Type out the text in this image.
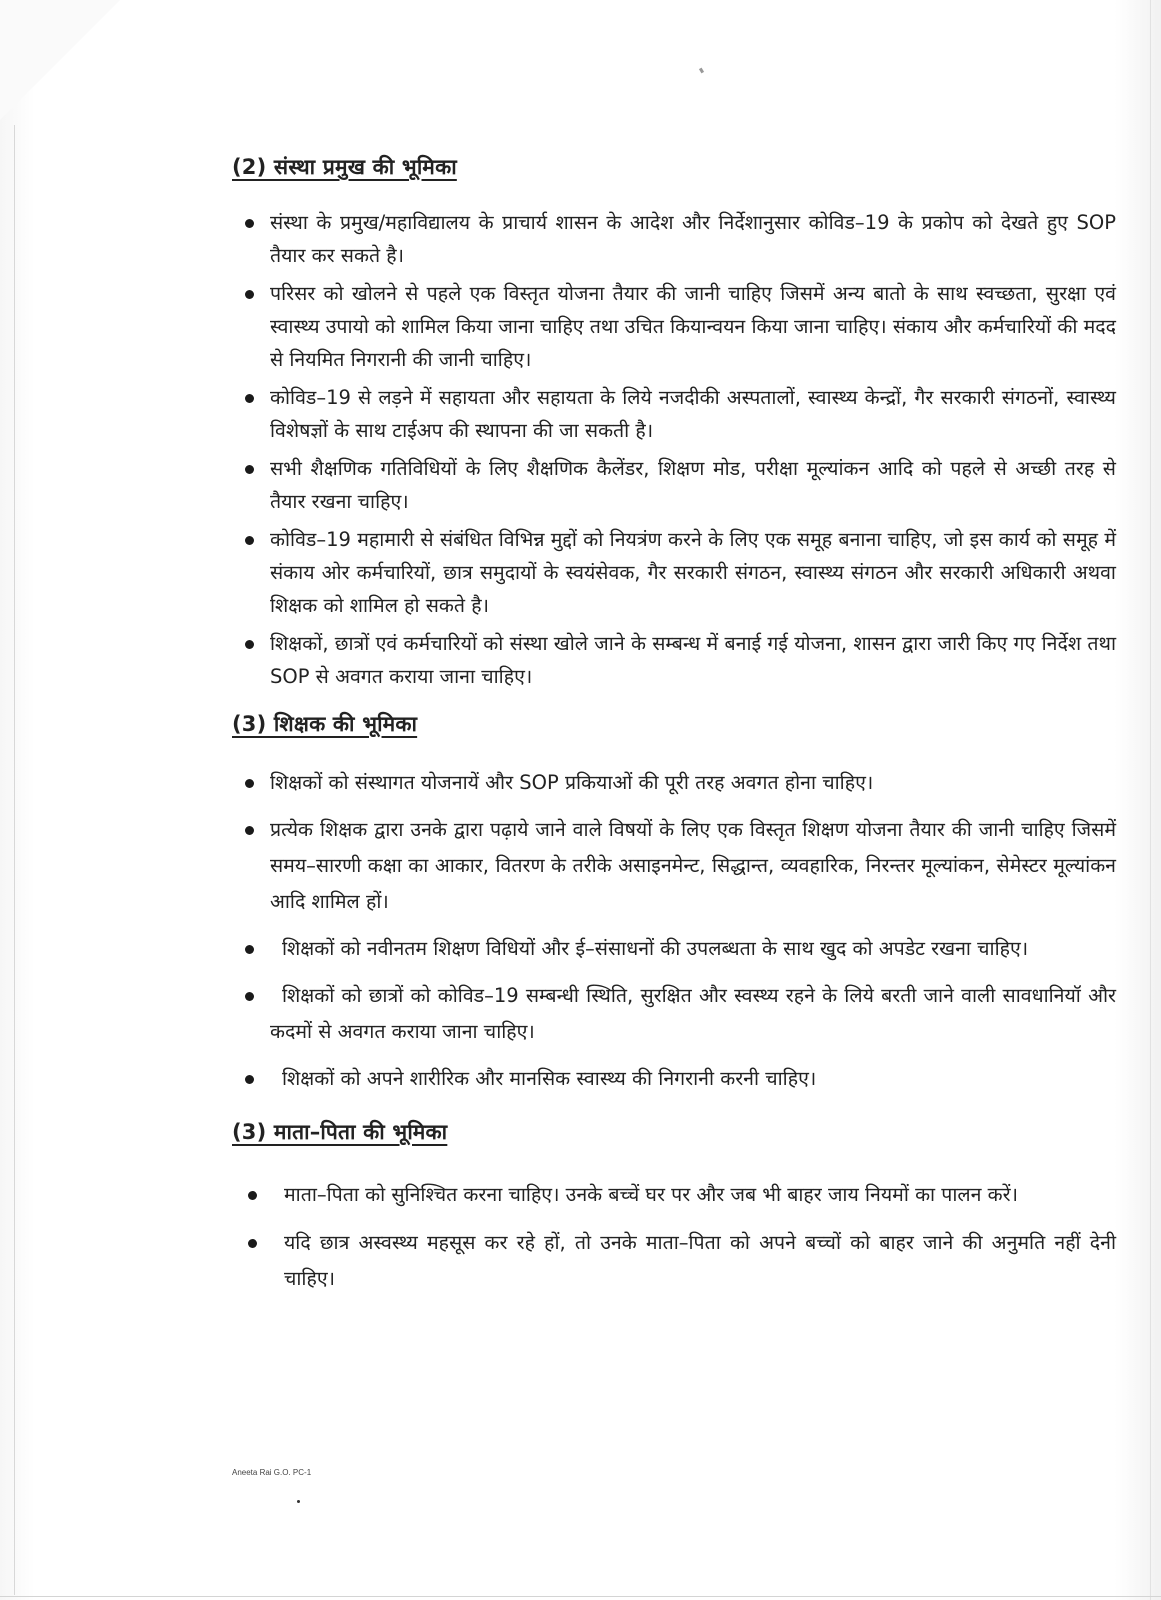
(2) संस्था प्रमुख की भूमिका
संस्था के प्रमुख/महाविद्यालय के प्राचार्य शासन के आदेश और निर्देशानुसार कोविड–19 के प्रकोप को देखते हुए SOP तैयार कर सकते है।
परिसर को खोलने से पहले एक विस्तृत योजना तैयार की जानी चाहिए जिसमें अन्य बातो के साथ स्वच्छता, सुरक्षा एवं स्वास्थ्य उपायो को शामिल किया जाना चाहिए तथा उचित कियान्वयन किया जाना चाहिए। संकाय और कर्मचारियों की मदद से नियमित निगरानी की जानी चाहिए।
कोविड–19 से लड़ने में सहायता और सहायता के लिये नजदीकी अस्पतालों, स्वास्थ्य केन्द्रों, गैर सरकारी संगठनों, स्वास्थ्य विशेषज्ञों के साथ टाईअप की स्थापना की जा सकती है।
सभी शैक्षणिक गतिविधियों के लिए शैक्षणिक कैलेंडर, शिक्षण मोड, परीक्षा मूल्यांकन आदि को पहले से अच्छी तरह से तैयार रखना चाहिए।
कोविड–19 महामारी से संबंधित विभिन्न मुद्दों को नियत्रंण करने के लिए एक समूह बनाना चाहिए, जो इस कार्य को समूह में संकाय ओर कर्मचारियों, छात्र समुदायों के स्वयंसेवक, गैर सरकारी संगठन, स्वास्थ्य संगठन और सरकारी अधिकारी अथवा शिक्षक को शामिल हो सकते है।
शिक्षकों, छात्रों एवं कर्मचारियों को संस्था खोले जाने के सम्बन्ध में बनाई गई योजना, शासन द्वारा जारी किए गए निर्देश तथा SOP से अवगत कराया जाना चाहिए।
(3) शिक्षक की भूमिका
शिक्षकों को संस्थागत योजनायें और SOP प्रकियाओं की पूरी तरह अवगत होना चाहिए।
प्रत्येक शिक्षक द्वारा उनके द्वारा पढ़ाये जाने वाले विषयों के लिए एक विस्तृत शिक्षण योजना तैयार की जानी चाहिए जिसमें समय–सारणी कक्षा का आकार, वितरण के तरीके असाइनमेन्ट, सिद्धान्त, व्यवहारिक, निरन्तर मूल्यांकन, सेमेस्टर मूल्यांकन आदि शामिल हों।
शिक्षकों को नवीनतम शिक्षण विधियों और ई–संसाधनों की उपलब्धता के साथ खुद को अपडेट रखना चाहिए।
शिक्षकों को छात्रों को कोविड–19 सम्बन्धी स्थिति, सुरक्षित और स्वस्थ्य रहने के लिये बरती जाने वाली सावधानियॉ और कदमों से अवगत कराया जाना चाहिए।
शिक्षकों को अपने शारीरिक और मानसिक स्वास्थ्य की निगरानी करनी चाहिए।
(3) माता–पिता की भूमिका
माता–पिता को सुनिश्चित करना चाहिए। उनके बच्चें घर पर और जब भी बाहर जाय नियमों का पालन करें।
यदि छात्र अस्वस्थ्य महसूस कर रहे हों, तो उनके माता–पिता को अपने बच्चों को बाहर जाने की अनुमति नहीं देनी चाहिए।
Aneeta Rai G.O. PC-1
